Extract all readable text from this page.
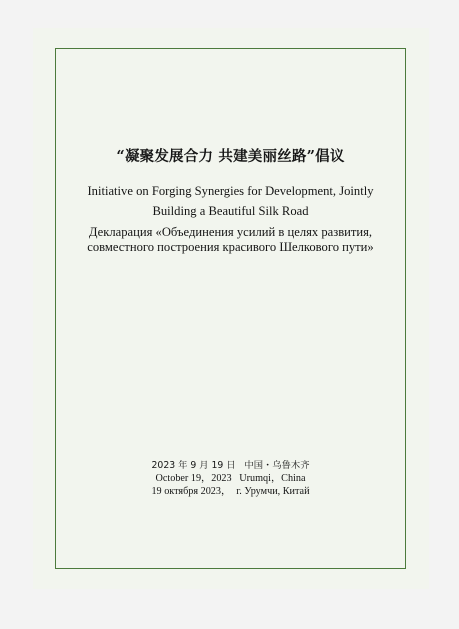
“凝聚发展合力 共建美丽丝路”倡议
Initiative on Forging Synergies for Development, Jointly
Building a Beautiful Silk Road
Декларация «Объединения усилий в целях развития,
совместного построения красивого Шелкового пути»
2023 年 9 月 19 日   中国・乌鲁木齐
October 19，2023   Urumqi，China
19 октября 2023，  г. Урумчи, Китай
